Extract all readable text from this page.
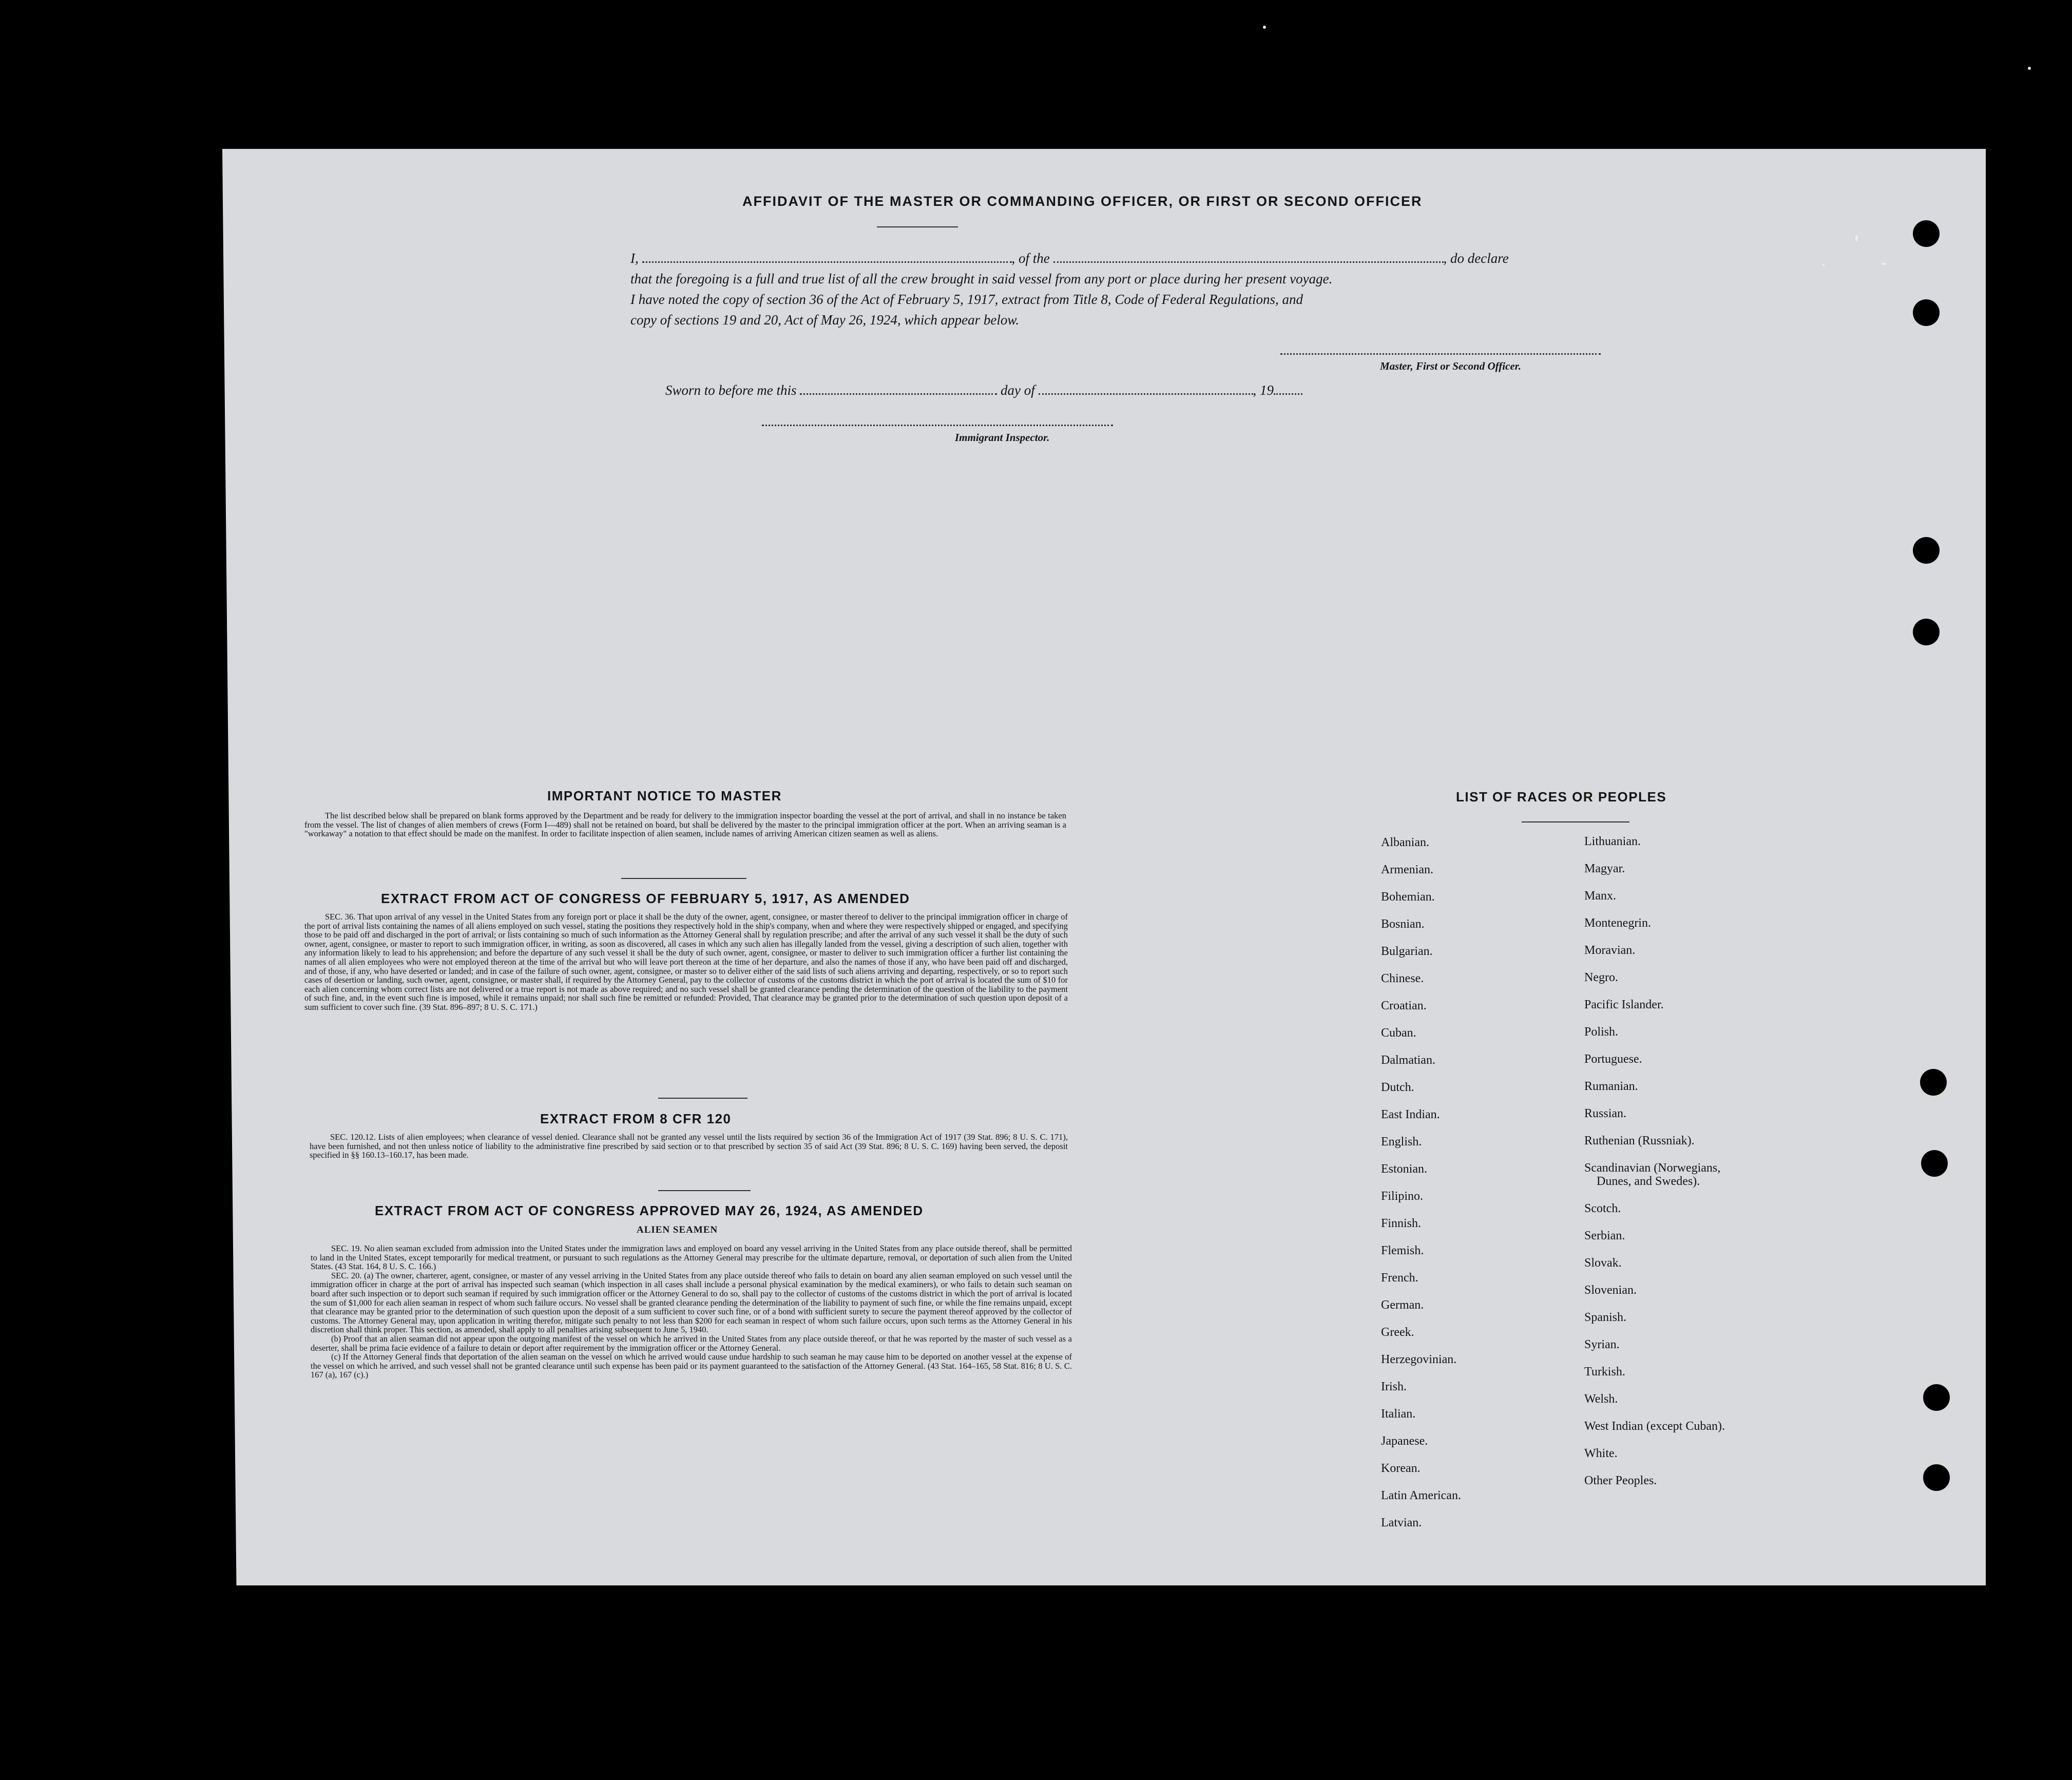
AFFIDAVIT OF THE MASTER OR COMMANDING OFFICER, OR FIRST OR SECOND OFFICER
I,	, of the	, do declare
that the foregoing is a full and true list of all the crew brought in said vessel from any port or place during her present voyage.
I have noted the copy of section 36 of the Act of February 5, 1917, extract from Title 8, Code of Federal Regulations, and
copy of sections 19 and 20, Act of May 26, 1924, which appear below.
Master, First or Second Officer.
Sworn to before me this	day of	, 19
Immigrant Inspector.
IMPORTANT NOTICE TO MASTER

The list described below shall be prepared on blank forms approved by the Department and be ready for delivery to the immigration inspector boarding the vessel at the port of arrival, and shall in no instance be taken from the vessel. The list of changes of alien members of crews (Form I—489) shall not be retained on board, but shall be delivered by the master to the principal immigration officer at the port. When an arriving seaman is a "workaway" a notation to that effect should be made on the manifest. In order to facilitate inspection of alien seamen, include names of arriving American citizen seamen as well as aliens.

EXTRACT FROM ACT OF CONGRESS OF FEBRUARY 5, 1917, AS AMENDED

SEC. 36. That upon arrival of any vessel in the United States from any foreign port or place it shall be the duty of the owner, agent, consignee, or master thereof to deliver to the principal immigration officer in charge of the port of arrival lists containing the names of all aliens employed on such vessel, stating the positions they respectively hold in the ship's company, when and where they were respectively shipped or engaged, and specifying those to be paid off and discharged in the port of arrival; or lists containing so much of such information as the Attorney General shall by regulation prescribe; and after the arrival of any such vessel it shall be the duty of such owner, agent, consignee, or master to report to such immigration officer, in writing, as soon as discovered, all cases in which any such alien has illegally landed from the vessel, giving a description of such alien, together with any information likely to lead to his apprehension; and before the departure of any such vessel it shall be the duty of such owner, agent, consignee, or master to deliver to such immigration officer a further list containing the names of all alien employees who were not employed thereon at the time of the arrival but who will leave port thereon at the time of her departure, and also the names of those if any, who have been paid off and discharged, and of those, if any, who have deserted or landed; and in case of the failure of such owner, agent, consignee, or master so to deliver either of the said lists of such aliens arriving and departing, respectively, or so to report such cases of desertion or landing, such owner, agent, consignee, or master shall, if required by the Attorney General, pay to the collector of customs of the customs district in which the port of arrival is located the sum of $10 for each alien concerning whom correct lists are not delivered or a true report is not made as above required; and no such vessel shall be granted clearance pending the determination of the question of the liability to the payment of such fine, and, in the event such fine is imposed, while it remains unpaid; nor shall such fine be remitted or refunded: Provided, That clearance may be granted prior to the determination of such question upon deposit of a sum sufficient to cover such fine. (39 Stat. 896–897; 8 U. S. C. 171.)

EXTRACT FROM 8 CFR 120

SEC. 120.12. Lists of alien employees; when clearance of vessel denied. Clearance shall not be granted any vessel until the lists required by section 36 of the Immigration Act of 1917 (39 Stat. 896; 8 U. S. C. 171), have been furnished, and not then unless notice of liability to the administrative fine prescribed by said section or to that prescribed by section 35 of said Act (39 Stat. 896; 8 U. S. C. 169) having been served, the deposit specified in §§ 160.13–160.17, has been made.

EXTRACT FROM ACT OF CONGRESS APPROVED MAY 26, 1924, AS AMENDED
ALIEN SEAMEN

SEC. 19. No alien seaman excluded from admission into the United States under the immigration laws and employed on board any vessel arriving in the United States from any place outside thereof, shall be permitted to land in the United States, except temporarily for medical treatment, or pursuant to such regulations as the Attorney General may prescribe for the ultimate departure, removal, or deportation of such alien from the United States. (43 Stat. 164, 8 U. S. C. 166.)

SEC. 20. (a) The owner, charterer, agent, consignee, or master of any vessel arriving in the United States from any place outside thereof who fails to detain on board any alien seaman employed on such vessel until the immigration officer in charge at the port of arrival has inspected such seaman (which inspection in all cases shall include a personal physical examination by the medical examiners), or who fails to detain such seaman on board after such inspection or to deport such seaman if required by such immigration officer or the Attorney General to do so, shall pay to the collector of customs of the customs district in which the port of arrival is located the sum of $1,000 for each alien seaman in respect of whom such failure occurs. No vessel shall be granted clearance pending the determination of the liability to payment of such fine, or while the fine remains unpaid, except that clearance may be granted prior to the determination of such question upon the deposit of a sum sufficient to cover such fine, or of a bond with sufficient surety to secure the payment thereof approved by the collector of customs. The Attorney General may, upon application in writing therefor, mitigate such penalty to not less than $200 for each seaman in respect of whom such failure occurs, upon such terms as the Attorney General in his discretion shall think proper. This section, as amended, shall apply to all penalties arising subsequent to June 5, 1940.

(b) Proof that an alien seaman did not appear upon the outgoing manifest of the vessel on which he arrived in the United States from any place outside thereof, or that he was reported by the master of such vessel as a deserter, shall be prima facie evidence of a failure to detain or deport after requirement by the immigration officer or the Attorney General.

(c) If the Attorney General finds that deportation of the alien seaman on the vessel on which he arrived would cause undue hardship to such seaman he may cause him to be deported on another vessel at the expense of the vessel on which he arrived, and such vessel shall not be granted clearance until such expense has been paid or its payment guaranteed to the satisfaction of the Attorney General. (43 Stat. 164–165, 58 Stat. 816; 8 U. S. C. 167 (a), 167 (c).)

LIST OF RACES OR PEOPLES
Albanian.
Armenian.
Bohemian.
Bosnian.
Bulgarian.
Chinese.
Croatian.
Cuban.
Dalmatian.
Dutch.
East Indian.
English.
Estonian.
Filipino.
Finnish.
Flemish.
French.
German.
Greek.
Herzegovinian.
Irish.
Italian.
Japanese.
Korean.
Latin American.
Latvian.
Lithuanian.
Magyar.
Manx.
Montenegrin.
Moravian.
Negro.
Pacific Islander.
Polish.
Portuguese.
Rumanian.
Russian.
Ruthenian (Russniak).
Scandinavian (Norwegians,
Dunes, and Swedes).
Scotch.
Serbian.
Slovak.
Slovenian.
Spanish.
Syrian.
Turkish.
Welsh.
West Indian (except Cuban).
White.
Other Peoples.
